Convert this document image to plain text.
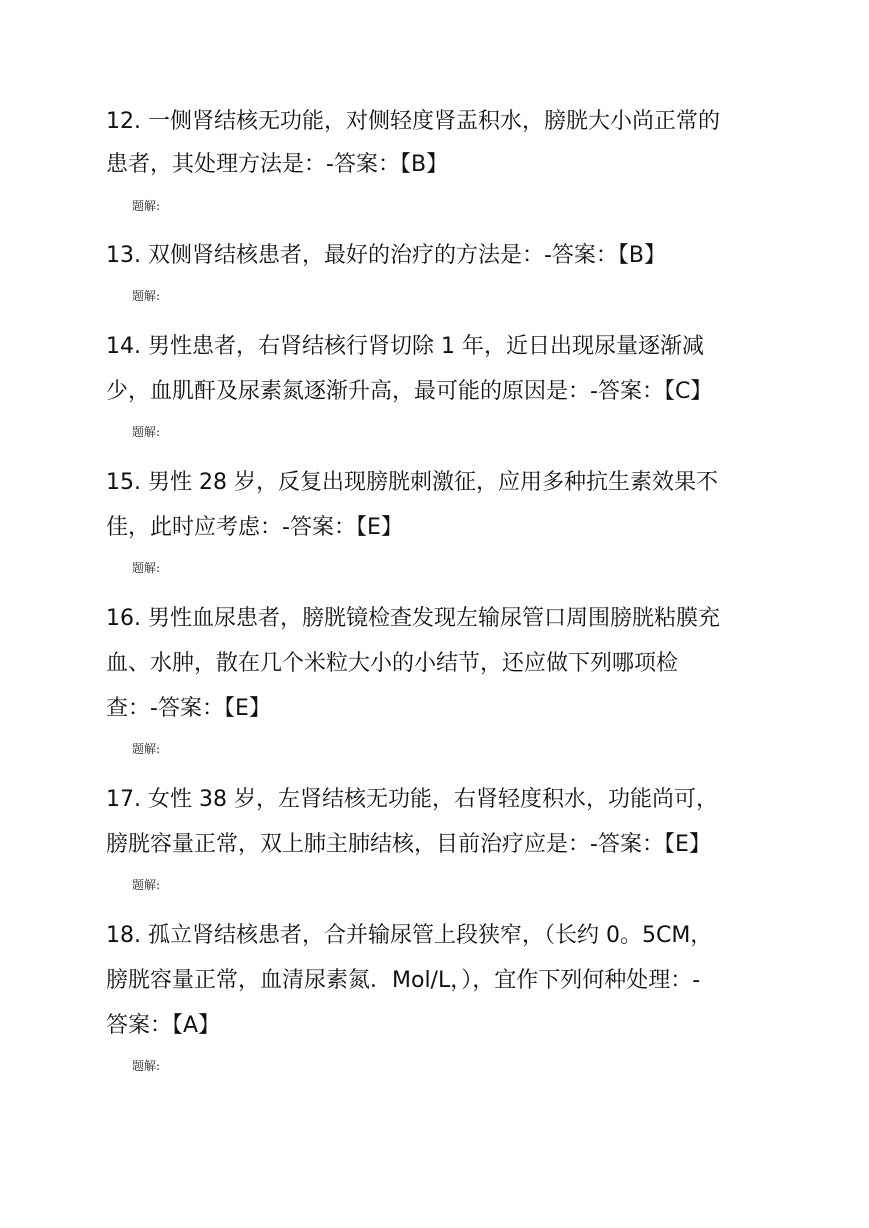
12. 一侧肾结核无功能，对侧轻度肾盂积水，膀胱大小尚正常的
患者，其处理方法是：-答案：【B】
题解:
13. 双侧肾结核患者，最好的治疗的方法是：-答案：【B】
题解:
14. 男性患者，右肾结核行肾切除 1 年，近日出现尿量逐渐减
少，血肌酐及尿素氮逐渐升高，最可能的原因是：-答案：【C】
题解:
15. 男性 28 岁，反复出现膀胱刺激征，应用多种抗生素效果不
佳，此时应考虑：-答案：【E】
题解:
16. 男性血尿患者，膀胱镜检查发现左输尿管口周围膀胱粘膜充
血、水肿，散在几个米粒大小的小结节，还应做下列哪项检
查：-答案：【E】
题解:
17. 女性 38 岁，左肾结核无功能，右肾轻度积水，功能尚可，
膀胱容量正常，双上肺主肺结核，目前治疗应是：-答案：【E】
题解:
18. 孤立肾结核患者，合并输尿管上段狭窄，（长约 0。5CM，
膀胱容量正常，血清尿素氮．Mol/L，），宜作下列何种处理：-
答案：【A】
题解:
